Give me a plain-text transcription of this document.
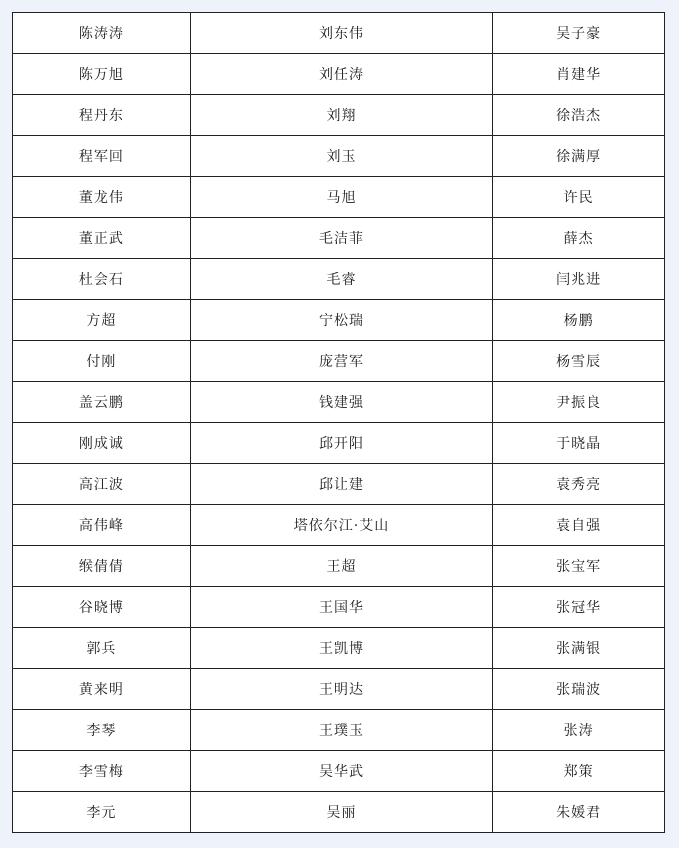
陈涛涛	刘东伟	吴子豪
陈万旭	刘任涛	肖建华
程丹东	刘翔	徐浩杰
程军回	刘玉	徐满厚
董龙伟	马旭	许民
董正武	毛洁菲	薛杰
杜会石	毛睿	闫兆进
方超	宁松瑞	杨鹏
付刚	庞营军	杨雪辰
盖云鹏	钱建强	尹振良
刚成诚	邱开阳	于晓晶
高江波	邱让建	袁秀亮
高伟峰	塔依尔江·艾山	袁自强
缑倩倩	王超	张宝军
谷晓博	王国华	张冠华
郭兵	王凯博	张满银
黄来明	王明达	张瑞波
李琴	王璞玉	张涛
李雪梅	吴华武	郑策
李元	吴丽	朱媛君
